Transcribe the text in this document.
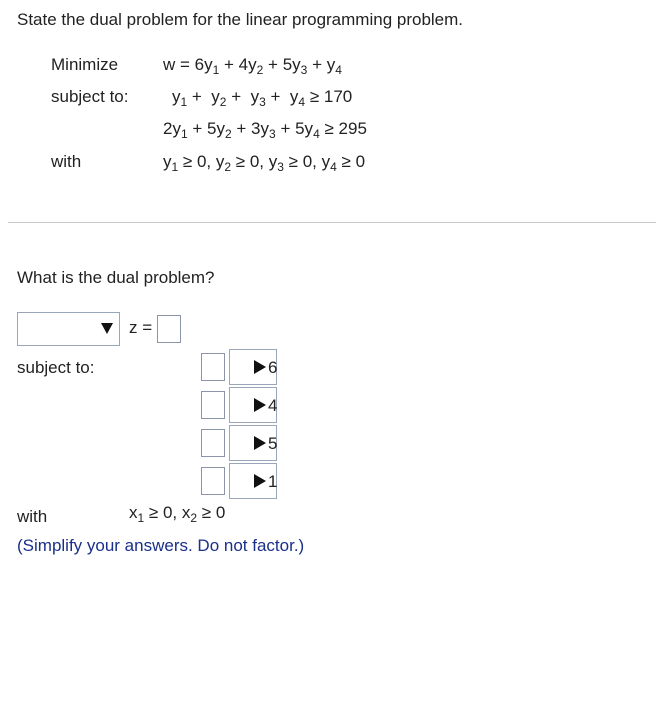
State the dual problem for the linear programming problem.
Minimize	$w = 6y_1 + 4y_2 + 5y_3 + y_4$
subject to:	$y_1 + y_2 + y_3 + y_4 \ge 170$
$2y_1 + 5y_2 + 3y_3 + 5y_4 \ge 295$
with	$y_1 \ge 0$, $y_2 \ge 0$, $y_3 \ge 0$, $y_4 \ge 0$
What is the dual problem?
z =
subject to:	6
4
5
1
with	$x_1 \ge 0$, $x_2 \ge 0$
(Simplify your answers. Do not factor.)
